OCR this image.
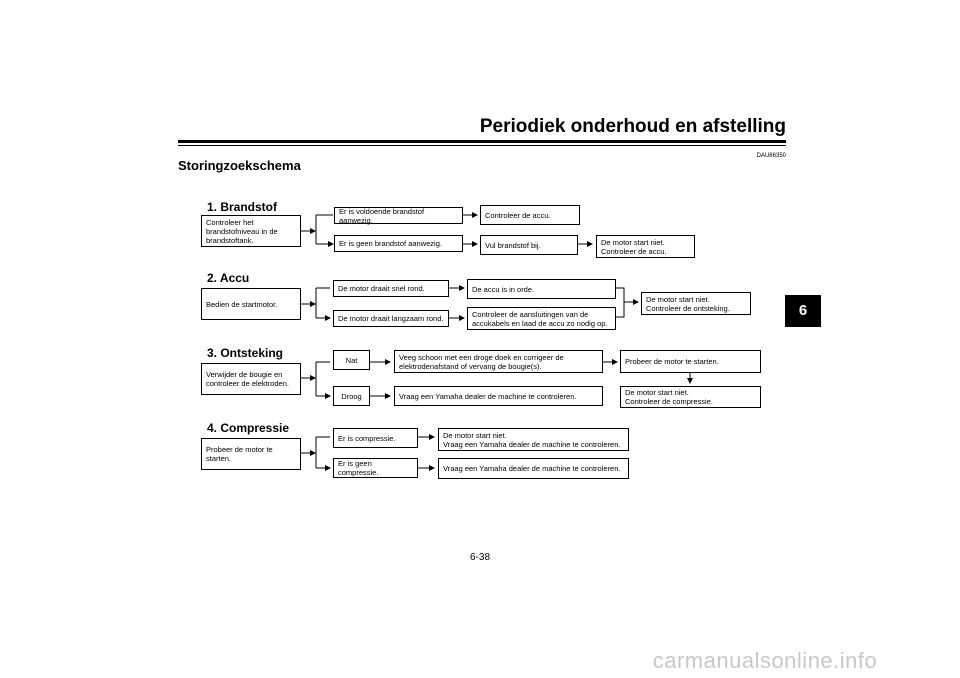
Periodiek onderhoud en afstelling
DAU86350
Storingzoekschema
6
1. Brandstof
Controleer het
brandstofniveau in de
brandstoftank.
Er is voldoende brandstof aanwezig.
Er is geen brandstof aanwezig.
Controleer de accu.
Vul brandstof bij.	De motor start niet.
Controleer de accu.
2. Accu
Bedien de startmotor.
De motor draait snel rond.
De motor draait langzaam rond.
De accu is in orde.
Controleer de aansluitingen van de
accukabels en laad de accu zo nodig op.
De motor start niet.
Controleer de ontsteking.
3. Ontsteking
Verwijder de bougie en
controleer de elektroden.
Nat
Droog
Veeg schoon met een droge doek en corrigeer de
elektrodenafstand of vervang de bougie(s).
Vraag een Yamaha dealer de machine te controleren.
Probeer de motor te starten.
De motor start niet.
Controleer de compressie.
4. Compressie
Probeer de motor te starten.
Er is compressie.
Er is geen compressie.
De motor start niet.
Vraag een Yamaha dealer de machine te controleren.
Vraag een Yamaha dealer de machine te controleren.
6-38
carmanualsonline.info
